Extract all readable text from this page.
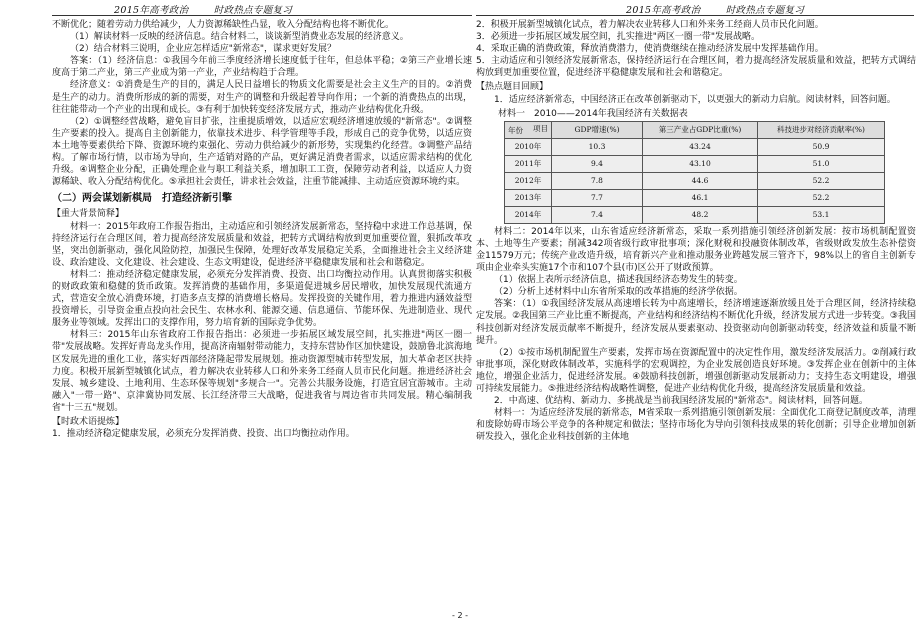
2015年高考政治	时政热点专题复习

不断优化；随着劳动力供给减少，人力资源稀缺性凸显，收入分配结构也将不断优化。

（1）解读材料一反映的经济信息。结合材料二，谈谈新型消费业态发展的经济意义。

（2）结合材料三说明，企业应怎样适应"新常态"，谋求更好发展？

答案：（1）经济信息：①我国今年前三季度经济增长速度低于往年，但总体平稳；②第三产业增长速度高于第二产业，第三产业成为第一产业，产业结构趋于合理。

经济意义：①消费是生产的目的，满足人民日益增长的物质文化需要是社会主义生产的目的。②消费是生产的动力。消费所形成的新的需要，对生产的调整和升级起着导向作用；一个新的消费热点的出现，往往能带动一个产业的出现和成长。③有利于加快转变经济发展方式，推动产业结构优化升级。

（2）①调整经营战略，避免盲目扩张，注重提质增效，以适应宏观经济增速放缓的"新常态"。②调整生产要素的投入。提高自主创新能力，依靠技术进步、科学管理等手段，形成自己的竞争优势，以适应资本土地等要素供给下降、资源环境约束强化、劳动力供给减少的新形势，实现集约化经营。③调整产品结构。了解市场行情，以市场为导向，生产适销对路的产品，更好满足消费者需求，以适应需求结构的优化升级。④调整企业分配，正确处理企业与职工利益关系，增加职工工资，保障劳动者利益，以适应人力资源稀缺、收入分配结构优化。⑤承担社会责任，讲求社会效益，注重节能减排、主动适应资源环境约束。

（二）两会谋划新棋局　打造经济新引擎

【重大背景简释】

材料一：2015年政府工作报告指出，主动适应和引领经济发展新常态，坚持稳中求进工作总基调，保持经济运行在合理区间，着力提高经济发展质量和效益，把转方式调结构放到更加重要位置，狠抓改革攻坚，突出创新驱动，强化风险防控，加强民生保障，处理好改革发展稳定关系，全面推进社会主义经济建设、政治建设、文化建设、社会建设、生态文明建设，促进经济平稳健康发展和社会和谐稳定。

材料二：推动经济稳定健康发展，必须充分发挥消费、投资、出口均衡拉动作用。认真贯彻落实积极的财政政策和稳健的货币政策。发挥消费的基础作用，多渠道促进城乡居民增收，加快发展现代流通方式，营造安全放心消费环境，打造多点支撑的消费增长格局。发挥投资的关键作用，着力推进内涵效益型投资增长，引导资金重点投向社会民生、农林水利、能源交通、信息通信、节能环保、先进制造业、现代服务业等领域。发挥出口的支撑作用，努力培育新的国际竞争优势。

材料三：2015年山东省政府工作报告指出：必须进一步拓展区域发展空间，扎实推进"两区一圈一带"发展战略。发挥好青岛龙头作用，提高济南辐射带动能力，支持东营协作区加快建设，鼓励鲁北滨海地区发展先进的重化工业，落实好西部经济隆起带发展规划。推动资源型城市转型发展，加大革命老区扶持力度。积极开展新型城镇化试点，着力解决农业转移人口和外来务工经商人员市民化问题。推进经济社会发展、城乡建设、土地利用、生态环保等规划"多规合一"。完善公共服务设施，打造宜居宜游城市。主动融入"一带一路"、京津冀协同发展、长江经济带三大战略，促进我省与周边省市共同发展。精心编制我省"十三五"规划。

【时政术语提炼】

1．推动经济稳定健康发展，必须充分发挥消费、投资、出口均衡拉动作用。

2015年高考政治	时政热点专题复习

2．积极开展新型城镇化试点，着力解决农业转移人口和外来务工经商人员市民化问题。

3．必须进一步拓展区域发展空间，扎实推进"两区一圈一带"发展战略。

4．采取正确的消费政策，释放消费潜力，使消费继续在推动经济发展中发挥基础作用。

5．主动适应和引领经济发展新常态，保持经济运行在合理区间，着力提高经济发展质量和效益，把转方式调结构放到更加重要位置，促进经济平稳健康发展和社会和谐稳定。

【热点题目回顾】

1．适应经济新常态，中国经济正在改革创新驱动下，以更强大的新动力启航。阅读材料，回答问题。

材料一　2010——2014年我国经济有关数据表

项目
年份	GDP增速(%)	第三产业占GDP比重(%)	科技进步对经济贡献率(%)
2010年	10.3	43.24	50.9
2011年	9.4	43.10	51.0
2012年	7.8	44.6	52.2
2013年	7.7	46.1	52.2
2014年	7.4	48.2	53.1

材料二：2014年以来，山东省适应经济新常态，采取一系列措施引领经济创新发展：按市场机制配置资本、土地等生产要素；削减342项省级行政审批事项；深化财税和投融资体制改革，省级财政发放生态补偿资金11579万元；传统产业改造升级，培育新兴产业和推动服务业跨越发展三管齐下，98%以上的省自主创新专项由企业牵头实施17个市和107个县(市)区公开了财政预算。

（1）依据上表所示经济信息，描述我国经济态势发生的转变。

（2）分析上述材料中山东省所采取的改革措施的经济学依据。

答案：（1）①我国经济发展从高速增长转为中高速增长，经济增速逐渐放缓且处于合理区间，经济持续稳定发展。②我国第三产业比重不断提高，产业结构和经济结构不断优化升级，经济发展方式进一步转变。③我国科技创新对经济发展贡献率不断提升，经济发展从要素驱动、投资驱动向创新驱动转变，经济效益和质量不断提升。

（2）①按市场机制配置生产要素，发挥市场在资源配置中的决定性作用，激发经济发展活力。②削减行政审批事项，深化财政体制改革，实施科学的宏观调控，为企业发展创造良好环境。③发挥企业在创新中的主体地位，增强企业活力，促进经济发展。④鼓励科技创新，增强创新驱动发展新动力；支持生态文明建设，增强可持续发展能力。⑤推进经济结构战略性调整，促进产业结构优化升级，提高经济发展质量和效益。

2．中高速、优结构、新动力、多挑战是当前我国经济发展的"新常态"。阅读材料，回答问题。

材料一：为适应经济发展的新常态，M省采取一系列措施引领创新发展：全面优化工商登记制度改革，清理和废除妨碍市场公平竞争的各种规定和做法；坚持市场化为导向引领科技成果的转化创新；引导企业增加创新研发投入，强化企业科技创新的主体地

- 2 -
